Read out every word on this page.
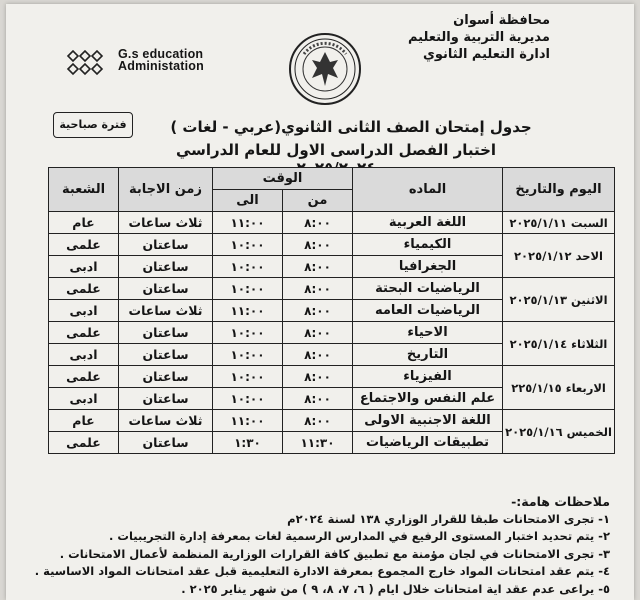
محافظة أسوان
مديرية التربية والتعليم
ادارة التعليم الثانوي
G.s education
Administation
فترة صباحية	جدول إمتحان الصف الثانى الثانوي(عربي - لغات )
اختبار الفصل الدراسى الاول للعام الدراسي
اليوم والتاريخ	الماده	الوقت		زمن الاجابة	الشعبة
		من	الى		
السبت ٢٠٢٥/١/١١	اللغة العربية	٨:٠٠	١١:٠٠	ثلاث ساعات	عام
الاحد ٢٠٢٥/١/١٢	الكيمياء	٨:٠٠	١٠:٠٠	ساعتان	علمى
	الجغرافيا	٨:٠٠	١٠:٠٠	ساعتان	ادبى
الاثنين ٢٠٢٥/١/١٣	الرياضيات البحتة	٨:٠٠	١٠:٠٠	ساعتان	علمى
	الرياضيات العامه	٨:٠٠	١١:٠٠	ثلاث ساعات	ادبى
الثلاثاء ٢٠٢٥/١/١٤	الاحياء	٨:٠٠	١٠:٠٠	ساعتان	علمى
	التاريخ	٨:٠٠	١٠:٠٠	ساعتان	ادبى
الاربعاء ٢٢٥/١/١٥	الفيزياء	٨:٠٠	١٠:٠٠	ساعتان	علمى
	علم النفس والاجتماع	٨:٠٠	١٠:٠٠	ساعتان	ادبى
الخميس ٢٠٢٥/١/١٦	اللغة الاجنبية الاولى	٨:٠٠	١١:٠٠	ثلاث ساعات	عام
	تطبيقات الرياضيات	١١:٣٠	١:٣٠	ساعتان	علمى
ملاحظات هامة:-
١- تجرى الامتحانات طبقا للقرار الوزاري ١٣٨ لسنة ٢٠٢٤م
٢- يتم تحديد اختبار المستوى الرفيع في المدارس الرسمية لغات بمعرفة إدارة التجريبيات .
٣- تجرى الامتحانات في لجان مؤمنة مع تطبيق كافة القرارات الوزارية المنظمة لأعمال الامتحانات .
٤- يتم عقد امتحانات المواد خارج المجموع بمعرفة الادارة التعليمية قبل عقد امتحانات المواد الاساسية .
٥- يراعى عدم عقد اية امتحانات خلال ايام ( ٦، ٧، ٨، ٩ ) من شهر يناير ٢٠٢٥ .
